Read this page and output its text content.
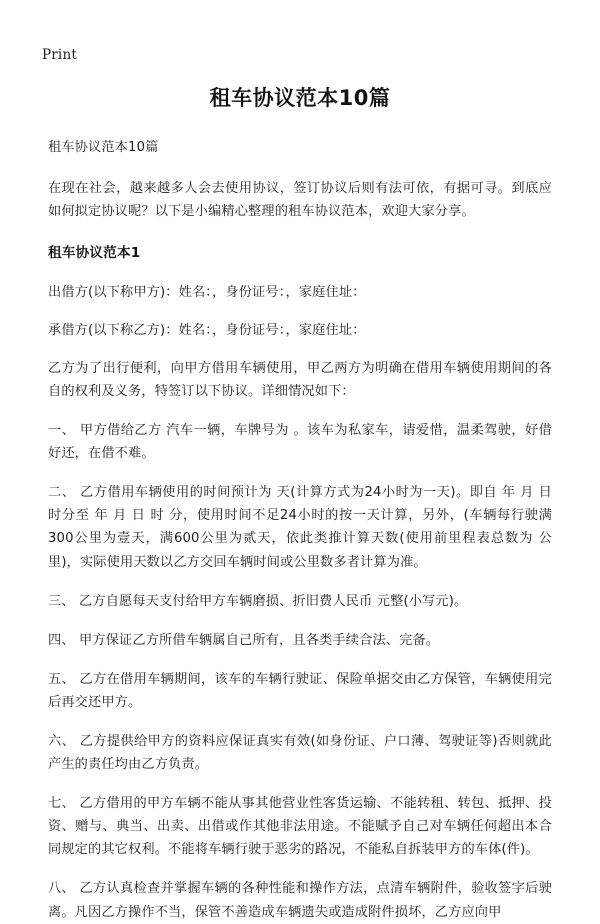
Print
租车协议范本10篇

租车协议范本10篇

在现在社会，越来越多人会去使用协议，签订协议后则有法可依，有据可寻。到底应如何拟定协议呢？以下是小编精心整理的租车协议范本，欢迎大家分享。

租车协议范本1

出借方(以下称甲方)：姓名：，身份证号：，家庭住址：

承借方(以下称乙方)：姓名：，身份证号：，家庭住址：

乙方为了出行便利，向甲方借用车辆使用，甲乙两方为明确在借用车辆使用期间的各自的权利及义务，特签订以下协议。详细情况如下：

一、 甲方借给乙方 汽车一辆，车牌号为 。该车为私家车，请爱惜，温柔驾驶，好借好还，在借不难。

二、 乙方借用车辆使用的时间预计为 天(计算方式为24小时为一天)。即自 年 月 日 时分至 年 月 日 时 分，使用时间不足24小时的按一天计算，另外，(车辆每行驶满300公里为壹天，满600公里为贰天，依此类推计算天数(使用前里程表总数为 公里)，实际使用天数以乙方交回车辆时间或公里数多者计算为准。

三、 乙方自愿每天支付给甲方车辆磨损、折旧费人民币 元整(小写元)。

四、 甲方保证乙方所借车辆属自己所有，且各类手续合法、完备。

五、 乙方在借用车辆期间，该车的车辆行驶证、保险单据交由乙方保管，车辆使用完后再交还甲方。

六、 乙方提供给甲方的资料应保证真实有效(如身份证、户口薄、驾驶证等)否则就此产生的责任均由乙方负责。

七、 乙方借用的甲方车辆不能从事其他营业性客货运输、不能转租、转包、抵押、投资、赠与、典当、出卖、出借或作其他非法用途。不能赋予自己对车辆任何超出本合同规定的其它权利。不能将车辆行驶于恶劣的路况，不能私自拆装甲方的车体(件)。

八、 乙方认真检查并掌握车辆的各种性能和操作方法，点清车辆附件，验收签字后驶离。凡因乙方操作不当，保管不善造成车辆遗失或造成附件损坏，乙方应向甲
